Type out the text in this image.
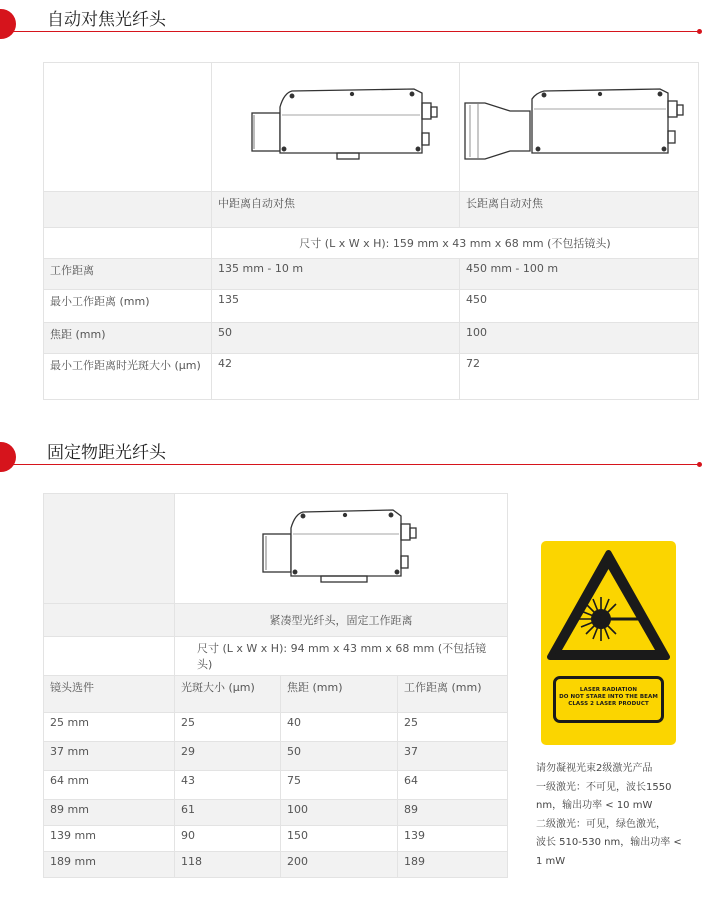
自动对焦光纤头

	中距离自动对焦	长距离自动对焦
	尺寸 (L x W x H): 159 mm x 43 mm x 68 mm (不包括镜头)	
工作距离	135 mm - 10 m	450 mm - 100 m
最小工作距离 (mm)	135	450
焦距 (mm)	50	100
最小工作距离时光斑大小 (μm)	42	72
固定物距光纤头

	紧凑型光纤头，固定工作距离		
	尺寸 (L x W x H): 94 mm x 43 mm x 68 mm (不包括镜头)		
镜头选件	光斑大小 (μm)	焦距 (mm)	工作距离 (mm)
25 mm	25	40	25
37 mm	29	50	37
64 mm	43	75	64
89 mm	61	100	89
139 mm	90	150	139
189 mm	118	200	189
LASER RADIATION
DO NOT STARE INTO THE BEAM
CLASS 2 LASER PRODUCT
请勿凝视光束2级激光产品
一级激光：不可见，波长1550
nm，输出功率 < 10 mW
二级激光：可见，绿色激光，
波长 510-530 nm，输出功率 <
1 mW
